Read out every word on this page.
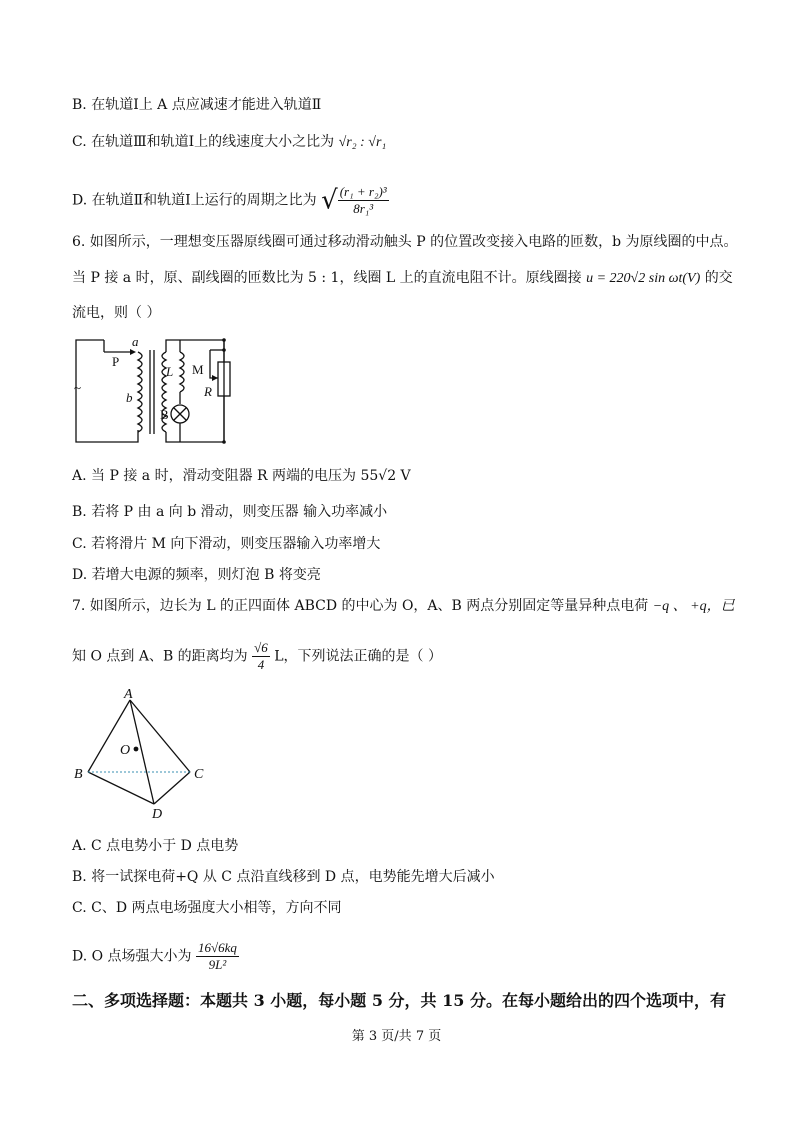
B. 在轨道Ⅰ上 A 点应减速才能进入轨道Ⅱ
C. 在轨道Ⅲ和轨道Ⅰ上的线速度大小之比为 √r₂ : √r₁
D. 在轨道Ⅱ和轨道Ⅰ上运行的周期之比为 √ $\frac{\text{(r₁ + r₂)³}}{\text{8r₁³}}$
6. 如图所示，一理想变压器原线圈可通过移动滑动触头 P 的位置改变接入电路的匝数，b 为原线圈的中点。
当 P 接 a 时，原、副线圈的匝数比为 5 : 1，线圈 L 上的直流电阻不计。原线圈接 u = 220√2 sin ωt(V) 的交
流电，则（ ）
~
a
P
b
L M
R
B
A. 当 P 接 a 时，滑动变阻器 R 两端的电压为 55√2 V
B. 若将 P 由 a 向 b 滑动，则变压器 输入功率减小
C. 若将滑片 M 向下滑动，则变压器输入功率增大
D. 若增大电源的频率，则灯泡 B 将变亮
7. 如图所示，边长为 L 的正四面体 ABCD 的中心为 O，A、B 两点分别固定等量异种点电荷 −q 、 +q，已
知 O 点到 A、B 的距离均为 $\frac{√6}{4}$ L，下列说法正确的是（ ）
A
B	C
D
O
A. C 点电势小于 D 点电势
B. 将一试探电荷+Q 从 C 点沿直线移到 D 点，电势能先增大后减小
C. C、D 两点电场强度大小相等，方向不同
D. O 点场强大小为 $\frac{16√6kq}{\text{9L²}}$
二、多项选择题：本题共 3 小题，每小题 5 分，共 15 分。在每小题给出的四个选项中，有
第 3 页/共 7 页
